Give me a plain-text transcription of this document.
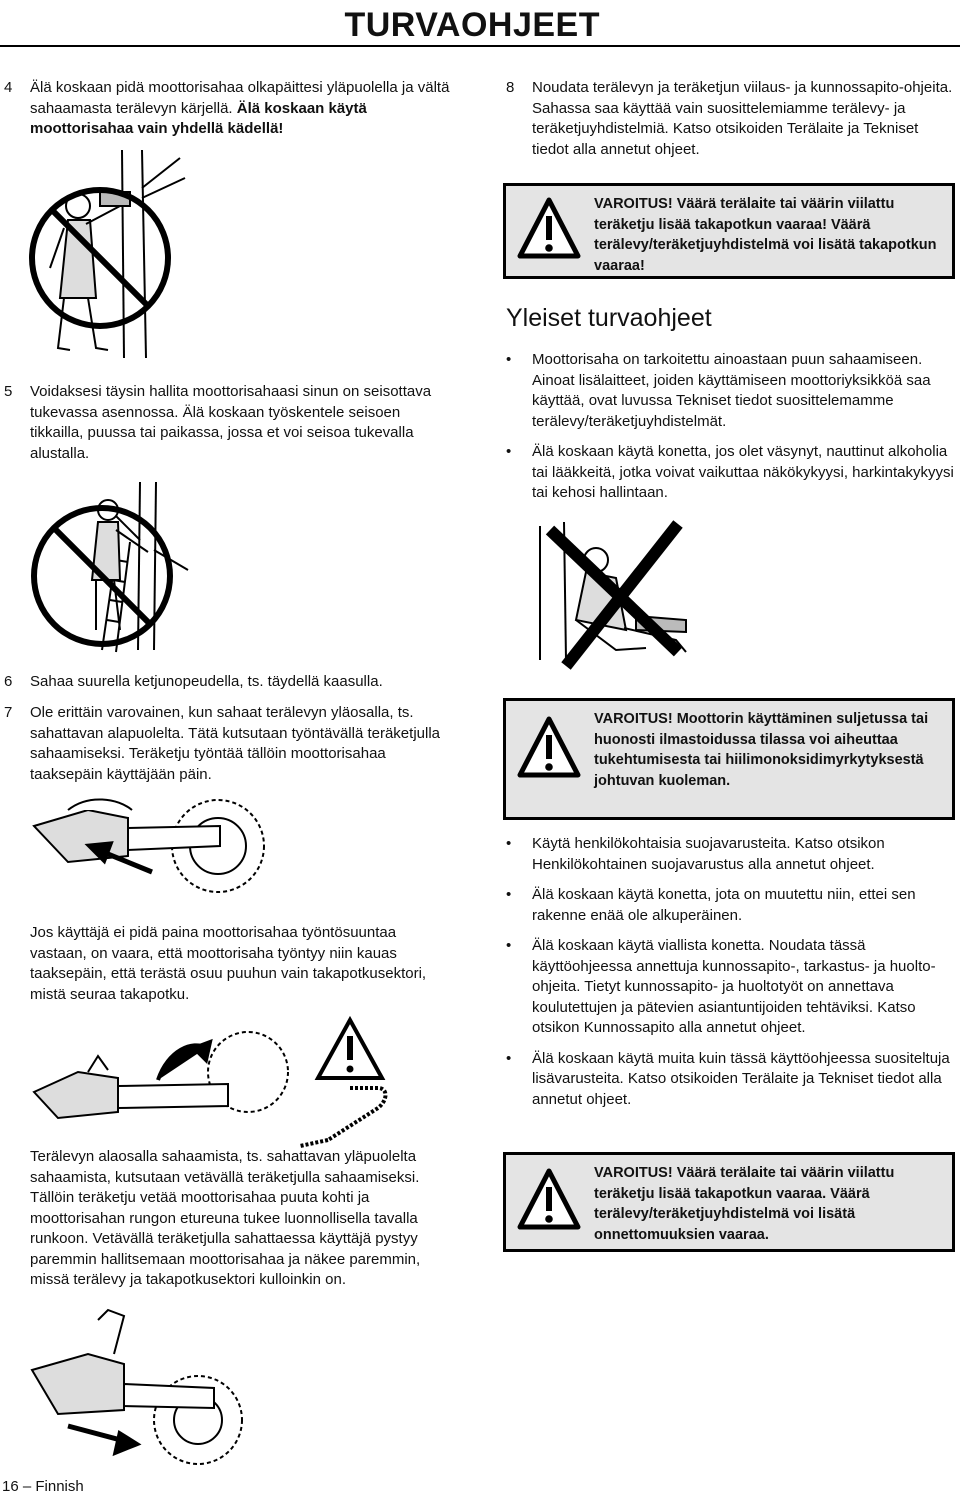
TURVAOHJEET
4 Älä koskaan pidä moottorisahaa olkapäittesi yläpuolella ja vältä sahaamasta terälevyn kärjellä. Älä koskaan käytä moottorisahaa vain yhdellä kädellä!
5 Voidaksesi täysin hallita moottorisahaasi sinun on seisottava tukevassa asennossa. Älä koskaan työskentele seisoen tikkailla, puussa tai paikassa, jossa et voi seisoa tukevalla alustalla.
6 Sahaa suurella ketjunopeudella, ts. täydellä kaasulla.
7 Ole erittäin varovainen, kun sahaat terälevyn yläosalla, ts. sahattavan alapuolelta. Tätä kutsutaan työntävällä teräketjulla sahaamiseksi. Teräketju työntää tällöin moottorisahaa taaksepäin käyttäjään päin.
Jos käyttäjä ei pidä paina moottorisahaa työntösuuntaa vastaan, on vaara, että moottorisaha työntyy niin kauas taaksepäin, että terästä osuu puuhun vain takapotkusektori, mistä seuraa takapotku.
Terälevyn alaosalla sahaamista, ts. sahattavan yläpuolelta sahaamista, kutsutaan vetävällä teräketjulla sahaamiseksi. Tällöin teräketju vetää moottorisahaa puuta kohti ja moottorisahan rungon etureuna tukee luonnollisella tavalla runkoon. Vetävällä teräketjulla sahattaessa käyttäjä pystyy paremmin hallitsemaan moottorisahaa ja näkee paremmin, missä terälevy ja takapotkusektori kulloinkin on.
16 – Finnish
8 Noudata terälevyn ja teräketjun viilaus- ja kunnossapito-ohjeita. Sahassa saa käyttää vain suosittelemiamme terälevy- ja teräketjuyhdistelmiä. Katso otsikoiden Terälaite ja Tekniset tiedot alla annetut ohjeet.
VAROITUS! Väärä terälaite tai väärin viilattu teräketju lisää takapotkun vaaraa! Väärä terälevy/teräketjuyhdistelmä voi lisätä takapotkun vaaraa!
Yleiset turvaohjeet
• Moottorisaha on tarkoitettu ainoastaan puun sahaamiseen. Ainoat lisälaitteet, joiden käyttämiseen moottoriyksikköä saa käyttää, ovat luvussa Tekniset tiedot suosittelemamme terälevy/teräketjuyhdistelmät.
• Älä koskaan käytä konetta, jos olet väsynyt, nauttinut alkoholia tai lääkkeitä, jotka voivat vaikuttaa näkökykyysi, harkintakykyysi tai kehosi hallintaan.
VAROITUS! Moottorin käyttäminen suljetussa tai huonosti ilmastoidussa tilassa voi aiheuttaa tukehtumisesta tai hiilimonoksidimyrkytyksestä johtuvan kuoleman.
• Käytä henkilökohtaisia suojavarusteita. Katso otsikon Henkilökohtainen suojavarustus alla annetut ohjeet.
• Älä koskaan käytä konetta, jota on muutettu niin, ettei sen rakenne enää ole alkuperäinen.
• Älä koskaan käytä viallista konetta. Noudata tässä käyttöohjeessa annettuja kunnossapito-, tarkastus- ja huolto-ohjeita. Tietyt kunnossapito- ja huoltotyöt on annettava koulutettujen ja pätevien asiantuntijoiden tehtäviksi. Katso otsikon Kunnossapito alla annetut ohjeet.
• Älä koskaan käytä muita kuin tässä käyttöohjeessa suositeltuja lisävarusteita. Katso otsikoiden Terälaite ja Tekniset tiedot alla annetut ohjeet.
VAROITUS! Väärä terälaite tai väärin viilattu teräketju lisää takapotkun vaaraa. Väärä terälevy/teräketjuyhdistelmä voi lisätä onnettomuuksien vaaraa.
